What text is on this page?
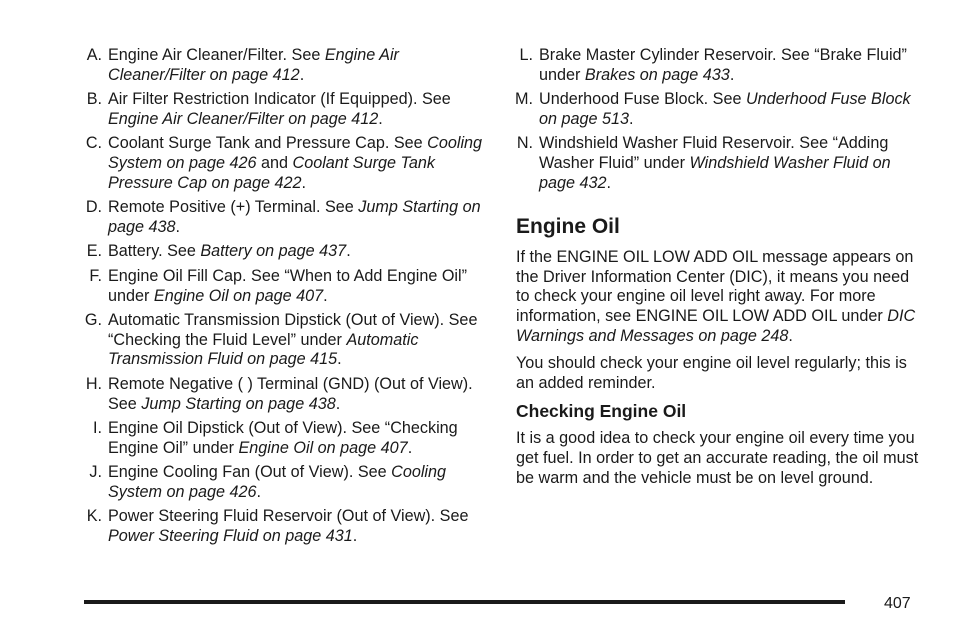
A. Engine Air Cleaner/Filter. See Engine Air Cleaner/Filter on page 412.
B. Air Filter Restriction Indicator (If Equipped). See Engine Air Cleaner/Filter on page 412.
C. Coolant Surge Tank and Pressure Cap. See Cooling System on page 426 and Coolant Surge Tank Pressure Cap on page 422.
D. Remote Positive (+) Terminal. See Jump Starting on page 438.
E. Battery. See Battery on page 437.
F. Engine Oil Fill Cap. See “When to Add Engine Oil” under Engine Oil on page 407.
G. Automatic Transmission Dipstick (Out of View). See “Checking the Fluid Level” under Automatic Transmission Fluid on page 415.
H. Remote Negative ( ) Terminal (GND) (Out of View). See Jump Starting on page 438.
I. Engine Oil Dipstick (Out of View). See “Checking Engine Oil” under Engine Oil on page 407.
J. Engine Cooling Fan (Out of View). See Cooling System on page 426.
K. Power Steering Fluid Reservoir (Out of View). See Power Steering Fluid on page 431.
L. Brake Master Cylinder Reservoir. See “Brake Fluid” under Brakes on page 433.
M. Underhood Fuse Block. See Underhood Fuse Block on page 513.
N. Windshield Washer Fluid Reservoir. See “Adding Washer Fluid” under Windshield Washer Fluid on page 432.
Engine Oil

If the ENGINE OIL LOW ADD OIL message appears on the Driver Information Center (DIC), it means you need to check your engine oil level right away. For more information, see ENGINE OIL LOW ADD OIL under DIC Warnings and Messages on page 248.

You should check your engine oil level regularly; this is an added reminder.

Checking Engine Oil

It is a good idea to check your engine oil every time you get fuel. In order to get an accurate reading, the oil must be warm and the vehicle must be on level ground.

407
